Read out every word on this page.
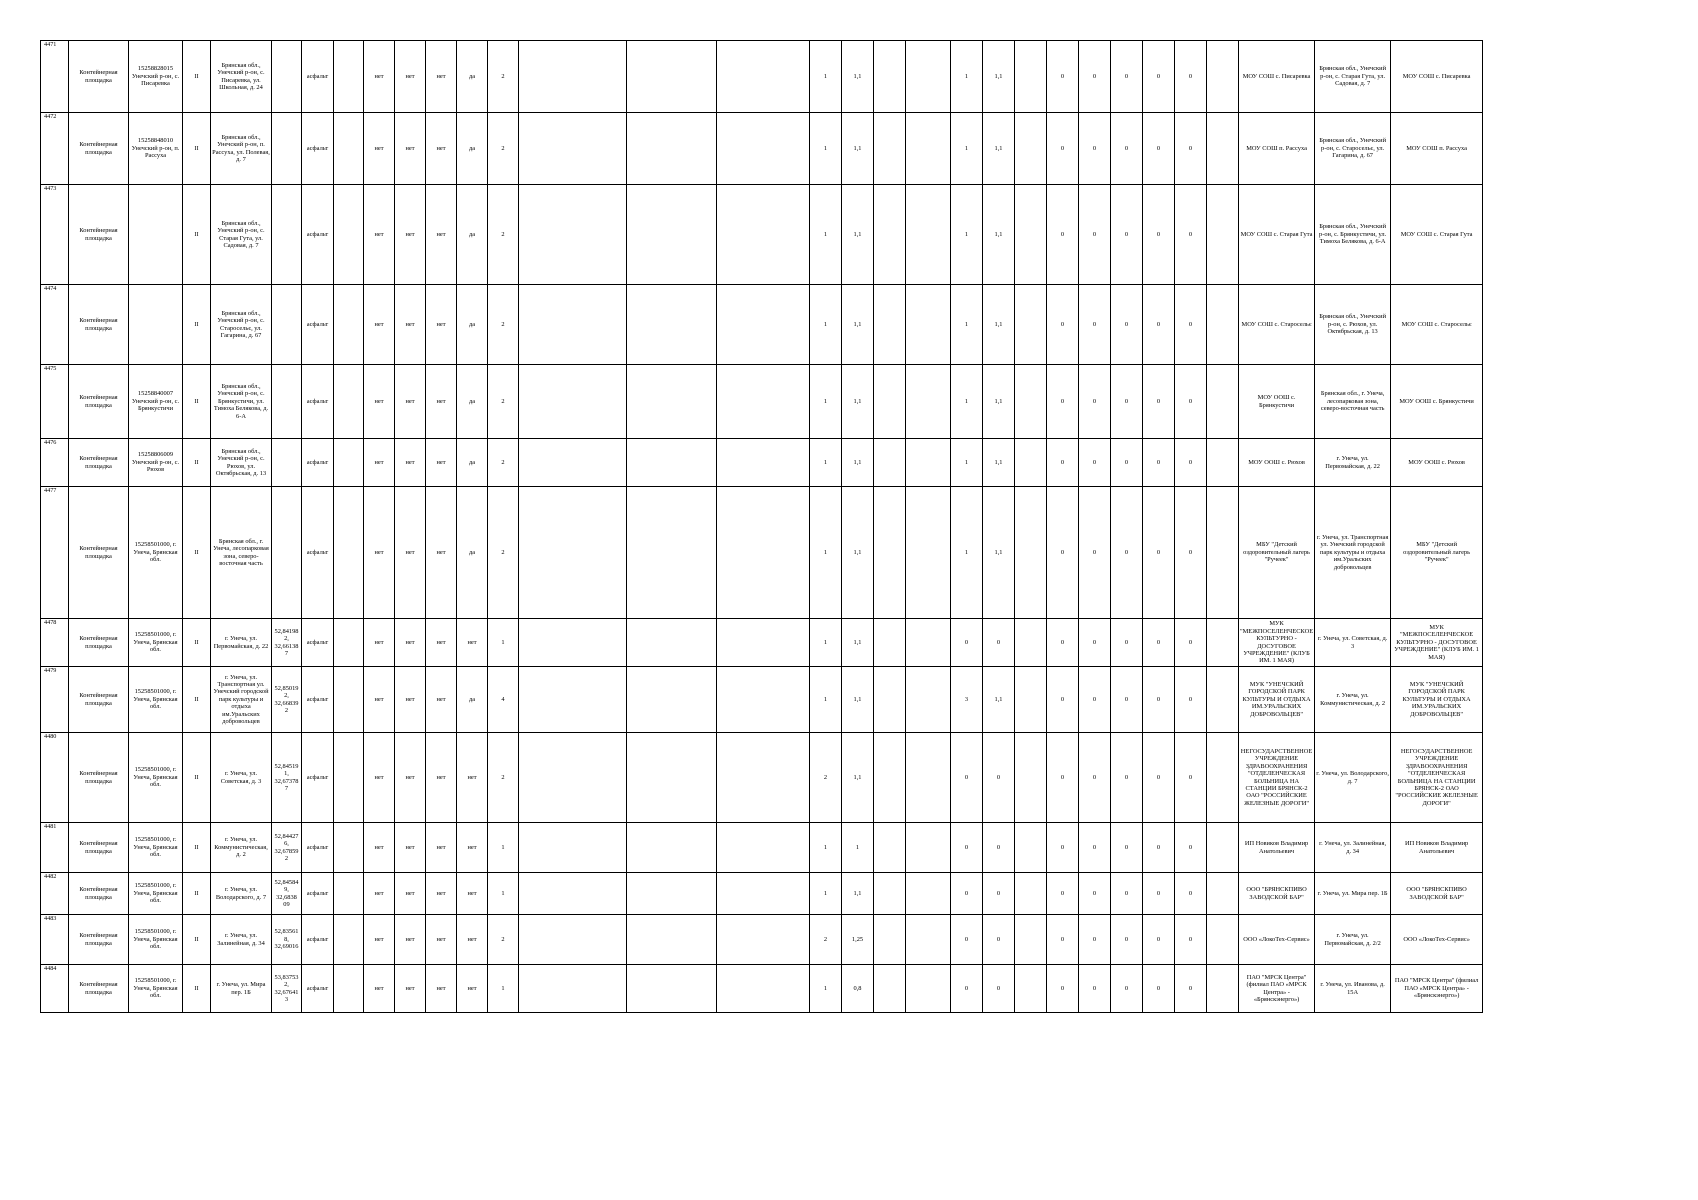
4471	Контейнерная площадка	15258828015 Унечский р-он, с. Писаревка	II	Брянская обл., Унечский р-он, с. Писаревка, ул. Школьная, д. 24		асфальт		нет	нет	нет	да	2				1	1,1			1	1,1		0	0	0	0	0		МОУ СОШ с. Писаревка	Брянская обл., Унечский р-он, с. Старая Гута, ул. Садовая, д. 7	МОУ СОШ с. Писаревка
4472	Контейнерная площадка	15258848010 Унечский р-он, п. Рассуха	II	Брянская обл., Унечский р-он, п. Рассуха, ул. Полевая, д. 7		асфальт		нет	нет	нет	да	2				1	1,1			1	1,1		0	0	0	0	0		МОУ СОШ п. Рассуха	Брянская обл., Унечский р-он, с. Старосельє, ул. Гагарина, д. 67	МОУ СОШ п. Рассуха
4473	Контейнерная площадка		II	Брянская обл., Унечский р-он, с. Старая Гута, ул. Садовая, д. 7		асфальт		нет	нет	нет	да	2				1	1,1			1	1,1		0	0	0	0	0		МОУ СОШ с. Старая Гута	Брянская обл., Унечский р-он, с. Брянкустичи, ул. Тимоха Белякова, д. 6-А	МОУ СОШ с. Старая Гута
4474	Контейнерная площадка		II	Брянская обл., Унечский р-он, с. Старосельє, ул. Гагарина, д. 67		асфальт		нет	нет	нет	да	2				1	1,1			1	1,1		0	0	0	0	0		МОУ СОШ с. Старосельє	Брянская обл., Унечский р-он, с. Рюхов, ул. Октябрьская, д. 13	МОУ СОШ с. Старосельє
4475	Контейнерная площадка	15258840007 Унечский р-он, с. Брянкустичи	II	Брянская обл., Унечский р-он, с. Брянкустичи, ул. Тимоха Белякова, д. 6-А		асфальт		нет	нет	нет	да	2				1	1,1			1	1,1		0	0	0	0	0		МОУ ООШ с. Брянкустичи	Брянская обл., г. Унеча, лесопарковая зона, северо-восточная часть	МОУ ООШ с. Брянкустичи
4476	Контейнерная площадка	15258806009 Унечский р-он, с. Рюхов	II	Брянская обл., Унечский р-он, с. Рюхов, ул. Октябрьская, д. 13		асфальт		нет	нет	нет	да	2				1	1,1			1	1,1		0	0	0	0	0		МОУ ООШ с. Рюхов	г. Унеча, ул. Первомайская, д. 22	МОУ ООШ с. Рюхов
4477	Контейнерная площадка	15258501000, г. Унеча, Брянская обл.	II	Брянская обл., г. Унеча, лесопарковая зона, северо-восточная часть		асфальт		нет	нет	нет	да	2				1	1,1			1	1,1		0	0	0	0	0		МБУ "Детский оздоровительный лагерь "Ручеек"	г. Унеча, ул. Транспортная ул. Унечский городской парк культуры и отдыха им.Уральских добровольцев	МБУ "Детский оздоровительный лагерь "Ручеек"
4478	Контейнерная площадка	15258501000, г. Унеча, Брянская обл.	II	г. Унеча, ул. Первомайская, д. 22	52,84198 2, 32,66138 7	асфальт		нет	нет	нет	нет	1				1	1,1			0	0		0	0	0	0	0		МУК "МЕЖПОСЕЛЕНЧЕСКОЕ КУЛЬТУРНО - ДОСУГОВОЕ УЧРЕЖДЕНИЕ" (КЛУБ ИМ. 1 МАЯ)	г. Унеча, ул. Советская, д. 3	МУК "МЕЖПОСЕЛЕНЧЕСКОЕ КУЛЬТУРНО - ДОСУГОВОЕ УЧРЕЖДЕНИЕ" (КЛУБ ИМ. 1 МАЯ)
4479	Контейнерная площадка	15258501000, г. Унеча, Брянская обл.	II	г. Унеча, ул. Транспортная ул. Унечский городской парк культуры и отдыха им.Уральских добровольцев	52,85019 2, 32,66839 2	асфальт		нет	нет	нет	да	4				1	1,1			3	1,1		0	0	0	0	0		МУК "УНЕЧСКИЙ ГОРОДСКОЙ ПАРК КУЛЬТУРЫ И ОТДЫХА ИМ.УРАЛЬСКИХ ДОБРОВОЛЬЦЕВ"	г. Унеча, ул. Коммунистическая, д. 2	МУК "УНЕЧСКИЙ ГОРОДСКОЙ ПАРК КУЛЬТУРЫ И ОТДЫХА ИМ.УРАЛЬСКИХ ДОБРОВОЛЬЦЕВ"
4480	Контейнерная площадка	15258501000, г. Унеча, Брянская обл.	II	г. Унеча, ул. Советская, д. 3	52,84519 1, 32,67378 7	асфальт		нет	нет	нет	нет	2				2	1,1			0	0		0	0	0	0	0		НЕГОСУДАРСТВЕННОЕ УЧРЕЖДЕНИЕ ЗДРАВООХРАНЕНИЯ "ОТДЕЛЕНЧЕСКАЯ БОЛЬНИЦА НА СТАНЦИИ БРЯНСК-2 ОАО "РОССИЙСКИЕ ЖЕЛЕЗНЫЕ ДОРОГИ"	г. Унеча, ул. Володарского, д. 7	НЕГОСУДАРСТВЕННОЕ УЧРЕЖДЕНИЕ ЗДРАВООХРАНЕНИЯ "ОТДЕЛЕНЧЕСКАЯ БОЛЬНИЦА НА СТАНЦИИ БРЯНСК-2 ОАО "РОССИЙСКИЕ ЖЕЛЕЗНЫЕ ДОРОГИ"
4481	Контейнерная площадка	15258501000, г. Унеча, Брянская обл.	II	г. Унеча, ул. Коммунистическая, д. 2	52,84427 6, 32,67859 2	асфальт		нет	нет	нет	нет	1				1	1			0	0		0	0	0	0	0		ИП Новиков Владимир Анатольевич	г. Унеча, ул. Залинейная, д. 34	ИП Новиков Владимир Анатольевич
4482	Контейнерная площадка	15258501000, г. Унеча, Брянская обл.	II	г. Унеча, ул. Володарского, д. 7	52,84584 9, 32,6838 09	асфальт		нет	нет	нет	нет	1				1	1,1			0	0		0	0	0	0	0		ООО "БРЯНСКПИВО ЗАВОДСКОЙ БАР"	г. Унеча, ул. Мира пер. 1Б	ООО "БРЯНСКПИВО ЗАВОДСКОЙ БАР"
4483	Контейнерная площадка	15258501000, г. Унеча, Брянская обл.	II	г. Унеча, ул. Залинейная, д. 34	52,83561 8, 32,69016	асфальт		нет	нет	нет	нет	2				2	1,25			0	0		0	0	0	0	0		ООО «ЛокоТех-Сервис»	г. Унеча, ул. Первомайская, д. 2/2	ООО «ЛокоТех-Сервис»
4484	Контейнерная площадка	15258501000, г. Унеча, Брянская обл.	II	г. Унеча, ул. Мира пер. 1Б	53,83753 2, 32,67641 3	асфальт		нет	нет	нет	нет	1				1	0,8			0	0		0	0	0	0	0		ПАО "МРСК Центра" (филиал ПАО «МРСК Центра» - «Брянскэнерго»)	г. Унеча, ул. Иванова, д. 15А	ПАО "МРСК Центра" (филиал ПАО «МРСК Центра» - «Брянскэнерго»)
